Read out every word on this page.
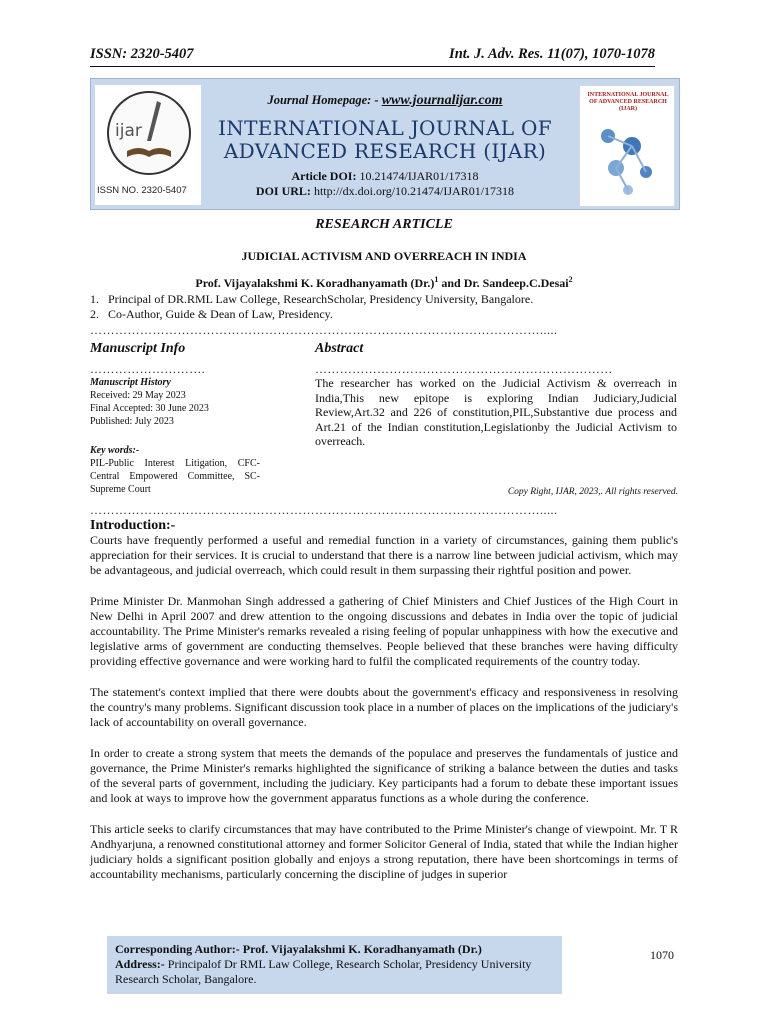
ISSN: 2320-5407	Int. J. Adv. Res. 11(07), 1070-1078
ijar
ISSN NO. 2320-5407
Journal Homepage: - www.journalijar.com
INTERNATIONAL JOURNAL OF
ADVANCED RESEARCH (IJAR)
Article DOI: 10.21474/IJAR01/17318
DOI URL: http://dx.doi.org/10.21474/IJAR01/17318
INTERNATIONAL JOURNAL OF ADVANCED RESEARCH (IJAR)
RESEARCH ARTICLE
JUDICIAL ACTIVISM AND OVERREACH IN INDIA
Prof. Vijayalakshmi K. Koradhanyamath $(Dr.)^1$ and Dr. Sandeep.C.Desai$^2$
1.   Principal of DR.RML Law College, ResearchScholar, Presidency University, Bangalore.
2.   Co-Author, Guide & Dean of Law, Presidency.
……………………………………………………………………………………………….....
Manuscript Info	Abstract
……………………….	………………………………………………………………
Manuscript History
Received: 29 May 2023
Final Accepted: 30 June 2023
Published: July 2023
Key words:-
PIL-Public Interest Litigation, CFC-Central Empowered Committee, SC-Supreme Court
The researcher has worked on the Judicial Activism & overreach in India,This new epitope is exploring Indian Judiciary,Judicial Review,Art.32 and 226 of constitution,PIL,Substantive due process and Art.21 of the Indian constitution,Legislationby the Judicial Activism to overreach.
Copy Right, IJAR, 2023,. All rights reserved.
……………………………………………………………………………………………….....
Introduction:-

Courts have frequently performed a useful and remedial function in a variety of circumstances, gaining them public's appreciation for their services. It is crucial to understand that there is a narrow line between judicial activism, which may be advantageous, and judicial overreach, which could result in them surpassing their rightful position and power.

Prime Minister Dr. Manmohan Singh addressed a gathering of Chief Ministers and Chief Justices of the High Court in New Delhi in April 2007 and drew attention to the ongoing discussions and debates in India over the topic of judicial accountability. The Prime Minister's remarks revealed a rising feeling of popular unhappiness with how the executive and legislative arms of government are conducting themselves. People believed that these branches were having difficulty providing effective governance and were working hard to fulfil the complicated requirements of the country today.

The statement's context implied that there were doubts about the government's efficacy and responsiveness in resolving the country's many problems. Significant discussion took place in a number of places on the implications of the judiciary's lack of accountability on overall governance.

In order to create a strong system that meets the demands of the populace and preserves the fundamentals of justice and governance, the Prime Minister's remarks highlighted the significance of striking a balance between the duties and tasks of the several parts of government, including the judiciary. Key participants had a forum to debate these important issues and look at ways to improve how the government apparatus functions as a whole during the conference.

This article seeks to clarify circumstances that may have contributed to the Prime Minister's change of viewpoint. Mr. T R Andhyarjuna, a renowned constitutional attorney and former Solicitor General of India, stated that while the Indian higher judiciary holds a significant position globally and enjoys a strong reputation, there have been shortcomings in terms of accountability mechanisms, particularly concerning the discipline of judges in superior

Corresponding Author:- Prof. Vijayalakshmi K. Koradhanyamath (Dr.)
Address:- Principalof Dr RML Law College, Research Scholar, Presidency University Research Scholar, Bangalore.
1070
